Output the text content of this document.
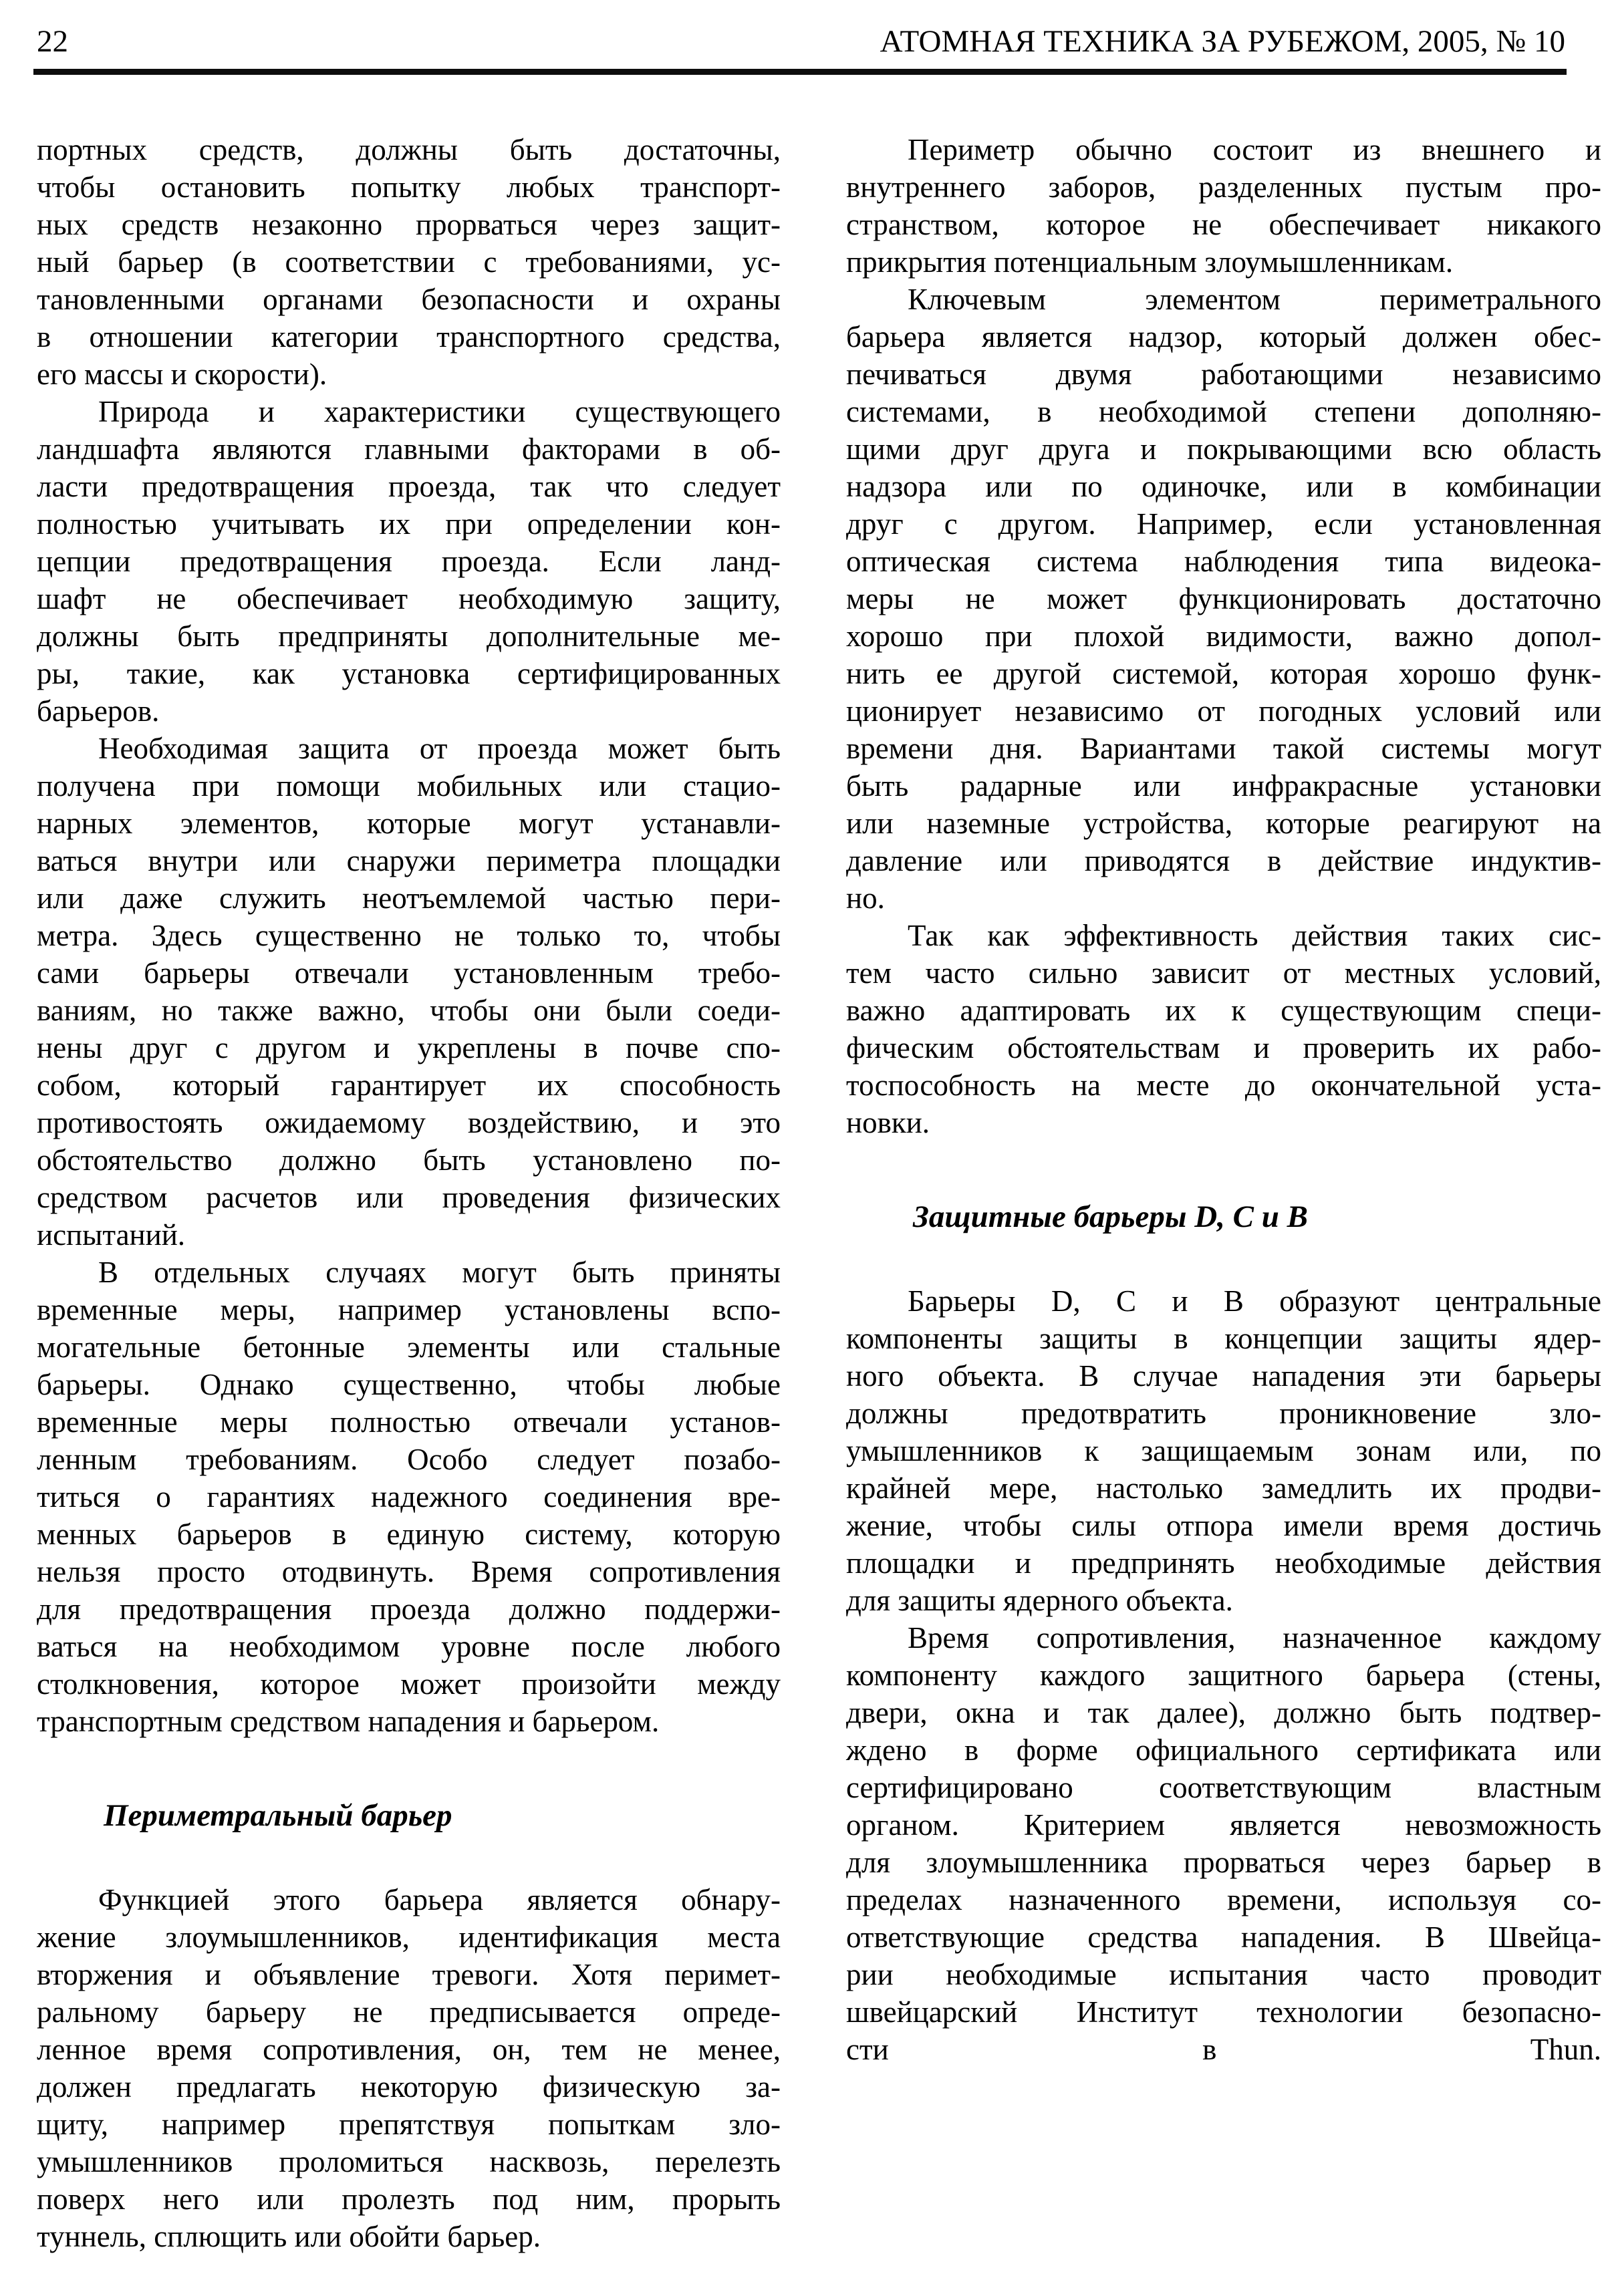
22	АТОМНАЯ ТЕХНИКА ЗА РУБЕЖОМ, 2005, № 10
портных средств, должны быть достаточны,
чтобы остановить попытку любых транспорт-
ных средств незаконно прорваться через защит-
ный барьер (в соответствии с требованиями, ус-
тановленными органами безопасности и охраны
в отношении категории транспортного средства,
его массы и скорости).
Природа и характеристики существующего
ландшафта являются главными факторами в об-
ласти предотвращения проезда, так что следует
полностью учитывать их при определении кон-
цепции предотвращения проезда. Если ланд-
шафт не обеспечивает необходимую защиту,
должны быть предприняты дополнительные ме-
ры, такие, как установка сертифицированных
барьеров.
Необходимая защита от проезда может быть
получена при помощи мобильных или стацио-
нарных элементов, которые могут устанавли-
ваться внутри или снаружи периметра площадки
или даже служить неотъемлемой частью пери-
метра. Здесь существенно не только то, чтобы
сами барьеры отвечали установленным требо-
ваниям, но также важно, чтобы они были соеди-
нены друг с другом и укреплены в почве спо-
собом, который гарантирует их способность
противостоять ожидаемому воздействию, и это
обстоятельство должно быть установлено по-
средством расчетов или проведения физических
испытаний.
В отдельных случаях могут быть приняты
временные меры, например установлены вспо-
могательные бетонные элементы или стальные
барьеры. Однако существенно, чтобы любые
временные меры полностью отвечали установ-
ленным требованиям. Особо следует позабо-
титься о гарантиях надежного соединения вре-
менных барьеров в единую систему, которую
нельзя просто отодвинуть. Время сопротивления
для предотвращения проезда должно поддержи-
ваться на необходимом уровне после любого
столкновения, которое может произойти между
транспортным средством нападения и барьером.
Периметральный барьер
Функцией этого барьера является обнару-
жение злоумышленников, идентификация места
вторжения и объявление тревоги. Хотя перимет-
ральному барьеру не предписывается опреде-
ленное время сопротивления, он, тем не менее,
должен предлагать некоторую физическую за-
щиту, например препятствуя попыткам зло-
умышленников проломиться насквозь, перелезть
поверх него или пролезть под ним, прорыть
туннель, сплющить или обойти барьер.
Периметр обычно состоит из внешнего и
внутреннего заборов, разделенных пустым про-
странством, которое не обеспечивает никакого
прикрытия потенциальным злоумышленникам.
Ключевым элементом периметрального
барьера является надзор, который должен обес-
печиваться двумя работающими независимо
системами, в необходимой степени дополняю-
щими друг друга и покрывающими всю область
надзора или по одиночке, или в комбинации
друг с другом. Например, если установленная
оптическая система наблюдения типа видеока-
меры не может функционировать достаточно
хорошо при плохой видимости, важно допол-
нить ее другой системой, которая хорошо функ-
ционирует независимо от погодных условий или
времени дня. Вариантами такой системы могут
быть радарные или инфракрасные установки
или наземные устройства, которые реагируют на
давление или приводятся в действие индуктив-
но.
Так как эффективность действия таких сис-
тем часто сильно зависит от местных условий,
важно адаптировать их к существующим специ-
фическим обстоятельствам и проверить их рабо-
тоспособность на месте до окончательной уста-
новки.
Защитные барьеры D, C и B
Барьеры D, C и B образуют центральные
компоненты защиты в концепции защиты ядер-
ного объекта. В случае нападения эти барьеры
должны предотвратить проникновение зло-
умышленников к защищаемым зонам или, по
крайней мере, настолько замедлить их продви-
жение, чтобы силы отпора имели время достичь
площадки и предпринять необходимые действия
для защиты ядерного объекта.
Время сопротивления, назначенное каждому
компоненту каждого защитного барьера (стены,
двери, окна и так далее), должно быть подтвер-
ждено в форме официального сертификата или
сертифицировано соответствующим властным
органом. Критерием является невозможность
для злоумышленника прорваться через барьер в
пределах назначенного времени, используя со-
ответствующие средства нападения. В Швейца-
рии необходимые испытания часто проводит
швейцарский Институт технологии безопасно-
сти в Thun.
